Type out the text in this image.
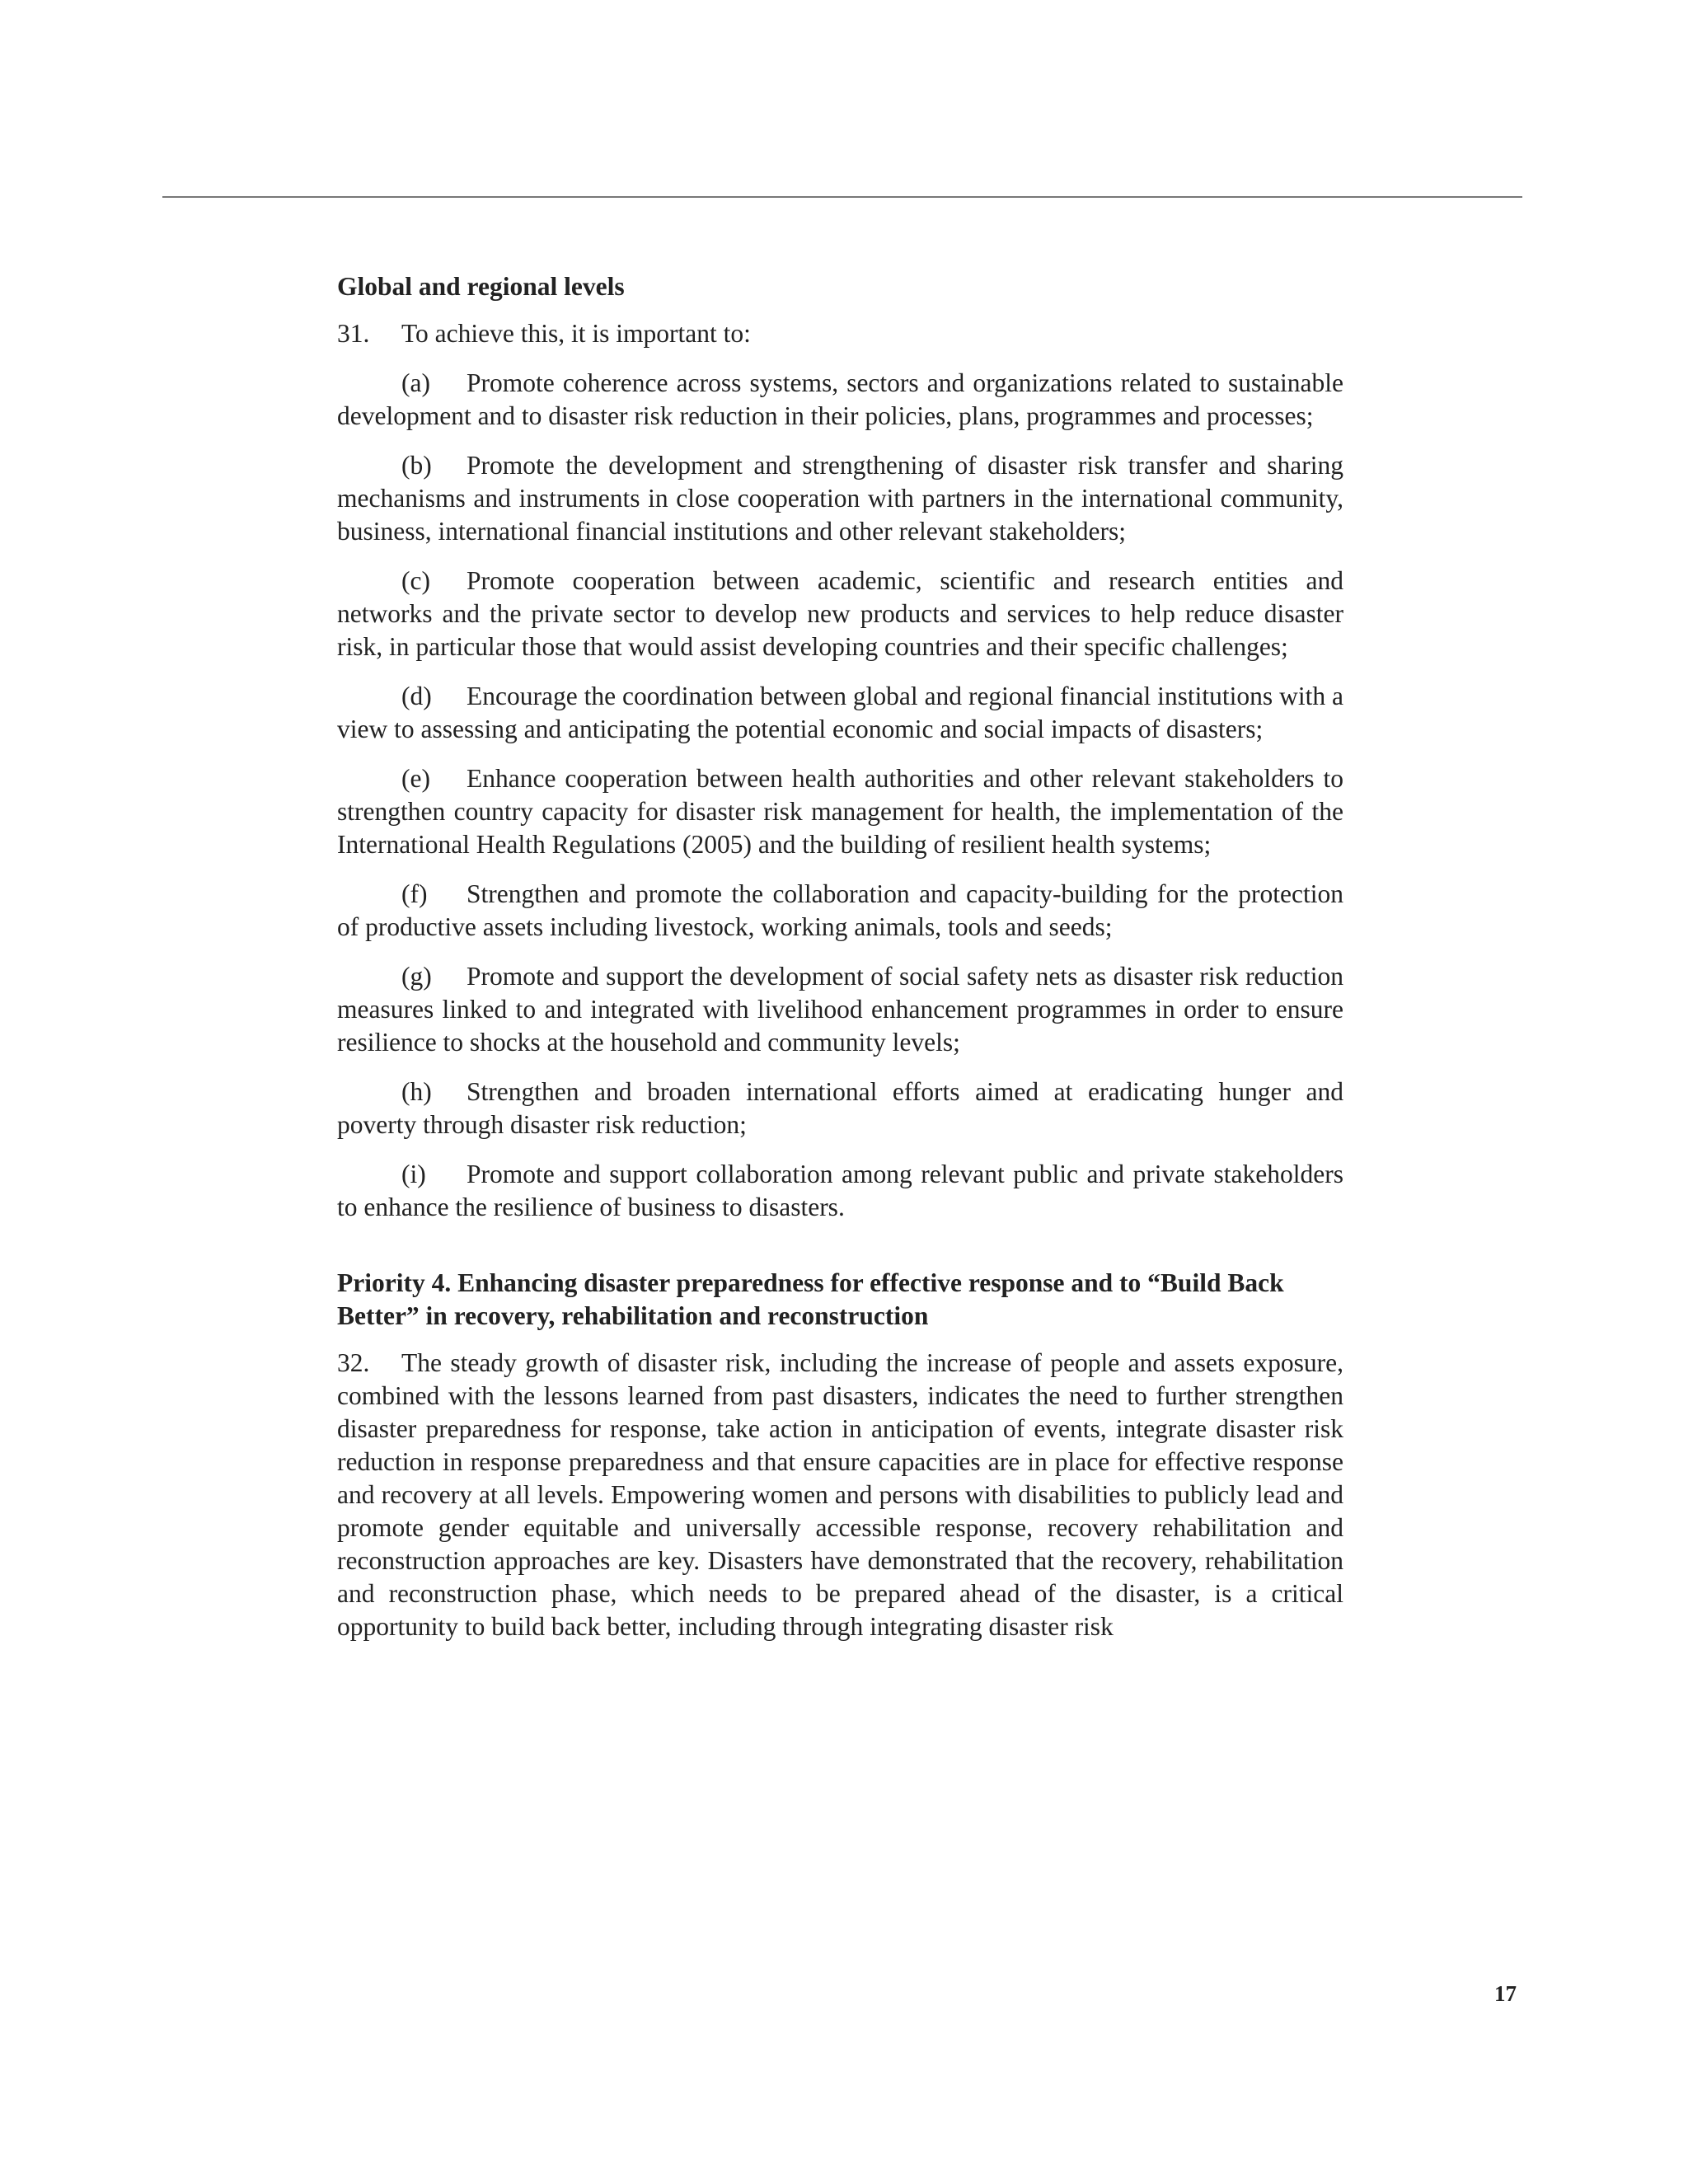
Global and regional levels

31. To achieve this, it is important to:

(a) Promote coherence across systems, sectors and organizations related to sustainable development and to disaster risk reduction in their policies, plans, programmes and processes;

(b) Promote the development and strengthening of disaster risk transfer and sharing mechanisms and instruments in close cooperation with partners in the international community, business, international financial institutions and other relevant stakeholders;

(c) Promote cooperation between academic, scientific and research entities and networks and the private sector to develop new products and services to help reduce disaster risk, in particular those that would assist developing countries and their specific challenges;

(d) Encourage the coordination between global and regional financial institutions with a view to assessing and anticipating the potential economic and social impacts of disasters;

(e) Enhance cooperation between health authorities and other relevant stakeholders to strengthen country capacity for disaster risk management for health, the implementation of the International Health Regulations (2005) and the building of resilient health systems;

(f) Strengthen and promote the collaboration and capacity-building for the protection of productive assets including livestock, working animals, tools and seeds;

(g) Promote and support the development of social safety nets as disaster risk reduction measures linked to and integrated with livelihood enhancement programmes in order to ensure resilience to shocks at the household and community levels;

(h) Strengthen and broaden international efforts aimed at eradicating hunger and poverty through disaster risk reduction;

(i) Promote and support collaboration among relevant public and private stakeholders to enhance the resilience of business to disasters.

Priority 4. Enhancing disaster preparedness for effective response and to “Build Back Better” in recovery, rehabilitation and reconstruction

32. The steady growth of disaster risk, including the increase of people and assets exposure, combined with the lessons learned from past disasters, indicates the need to further strengthen disaster preparedness for response, take action in anticipation of events, integrate disaster risk reduction in response preparedness and that ensure capacities are in place for effective response and recovery at all levels. Empowering women and persons with disabilities to publicly lead and promote gender equitable and universally accessible response, recovery rehabilitation and reconstruction approaches are key. Disasters have demonstrated that the recovery, rehabilitation and reconstruction phase, which needs to be prepared ahead of the disaster, is a critical opportunity to build back better, including through integrating disaster risk

17
